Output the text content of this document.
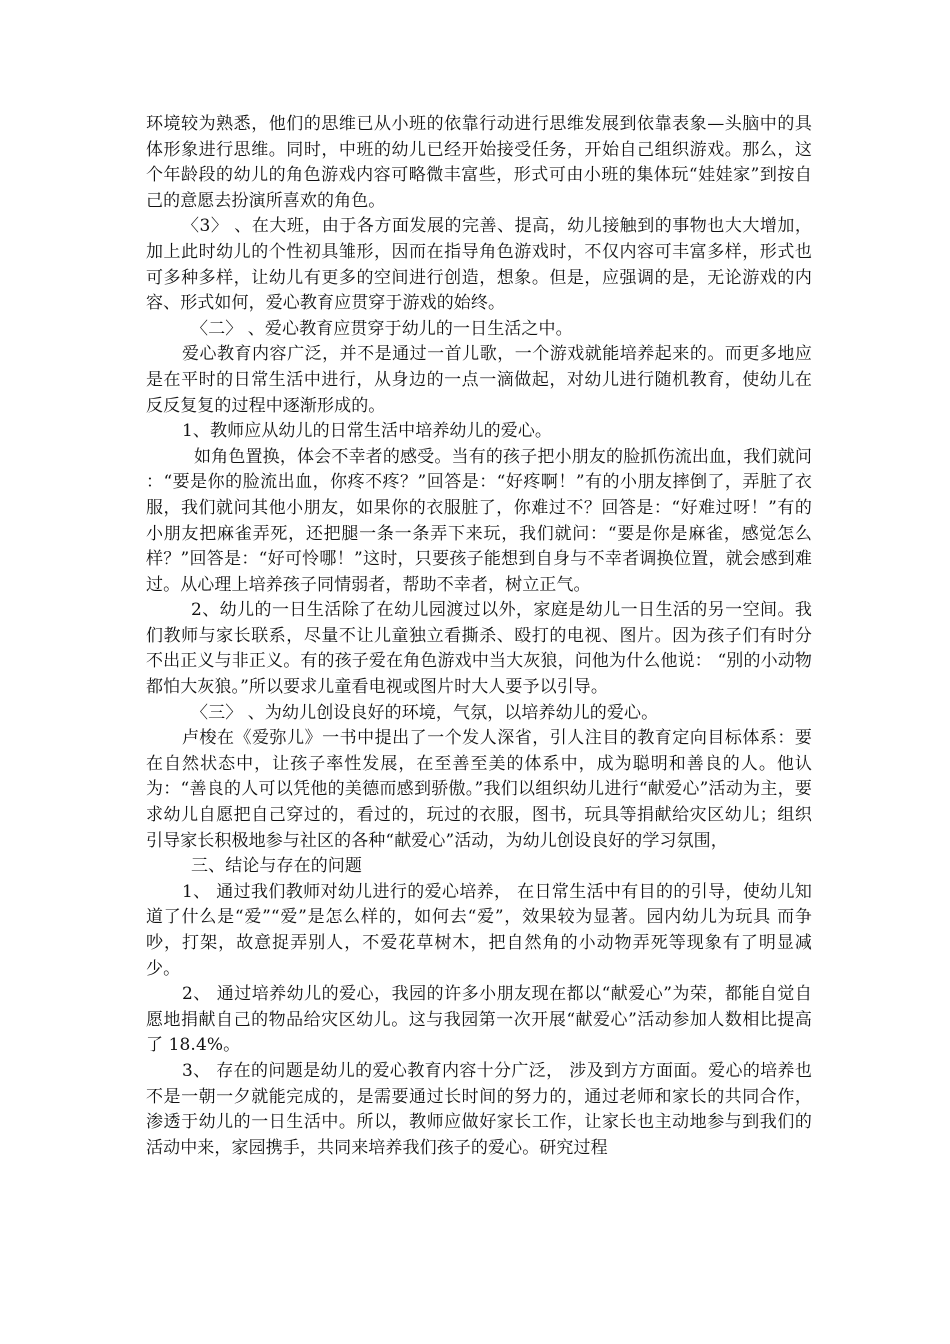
环境较为熟悉，他们的思维已从小班的依靠行动进行思维发展到依靠表象—头脑中的具体形象进行思维。同时，中班的幼儿已经开始接受任务，开始自己组织游戏。那么，这个年龄段的幼儿的角色游戏内容可略微丰富些，形式可由小班的集体玩“娃娃家”到按自己的意愿去扮演所喜欢的角色。

〈3〉 、在大班，由于各方面发展的完善、提高，幼儿接触到的事物也大大增加，加上此时幼儿的个性初具雏形，因而在指导角色游戏时，不仅内容可丰富多样，形式也可多种多样，让幼儿有更多的空间进行创造，想象。但是，应强调的是，无论游戏的内容、形式如何，爱心教育应贯穿于游戏的始终。

〈二〉 、爱心教育应贯穿于幼儿的一日生活之中。

爱心教育内容广泛，并不是通过一首儿歌，一个游戏就能培养起来的。而更多地应是在平时的日常生活中进行，从身边的一点一滴做起，对幼儿进行随机教育，使幼儿在反反复复的过程中逐渐形成的。

1、教师应从幼儿的日常生活中培养幼儿的爱心。

如角色置换，体会不幸者的感受。当有的孩子把小朋友的脸抓伤流出血，我们就问 ：“要是你的脸流出血，你疼不疼？”回答是：“好疼啊！”有的小朋友摔倒了，弄脏了衣服，我们就问其他小朋友，如果你的衣服脏了，你难过不？回答是：“好难过呀！”有的小朋友把麻雀弄死，还把腿一条一条弄下来玩，我们就问：“要是你是麻雀，感觉怎么样？”回答是：“好可怜哪！”这时，只要孩子能想到自身与不幸者调换位置，就会感到难过。从心理上培养孩子同情弱者，帮助不幸者，树立正气。

2、幼儿的一日生活除了在幼儿园渡过以外，家庭是幼儿一日生活的另一空间。我们教师与家长联系，尽量不让儿童独立看撕杀、殴打的电视、图片。因为孩子们有时分不出正义与非正义。有的孩子爱在角色游戏中当大灰狼，问他为什么他说： “别的小动物都怕大灰狼。”所以要求儿童看电视或图片时大人要予以引导。

〈三〉 、为幼儿创设良好的环境，气氛，以培养幼儿的爱心。

卢梭在《爱弥儿》一书中提出了一个发人深省，引人注目的教育定向目标体系：要在自然状态中，让孩子率性发展，在至善至美的体系中，成为聪明和善良的人。他认为：“善良的人可以凭他的美德而感到骄傲。”我们以组织幼儿进行“献爱心”活动为主，要求幼儿自愿把自己穿过的，看过的，玩过的衣服，图书，玩具等捐献给灾区幼儿；组织引导家长积极地参与社区的各种“献爱心”活动，为幼儿创设良好的学习氛围，

三、结论与存在的问题

1、 通过我们教师对幼儿进行的爱心培养， 在日常生活中有目的的引导，使幼儿知道了什么是“爱”“爱”是怎么样的，如何去“爱”，效果较为显著。园内幼儿为玩具 而争吵，打架，故意捉弄别人，不爱花草树木，把自然角的小动物弄死等现象有了明显减少。

2、 通过培养幼儿的爱心，我园的许多小朋友现在都以“献爱心”为荣，都能自觉自愿地捐献自己的物品给灾区幼儿。这与我园第一次开展“献爱心”活动参加人数相比提高了 18.4%。

3、 存在的问题是幼儿的爱心教育内容十分广泛， 涉及到方方面面。爱心的培养也不是一朝一夕就能完成的，是需要通过长时间的努力的，通过老师和家长的共同合作，渗透于幼儿的一日生活中。所以，教师应做好家长工作，让家长也主动地参与到我们的活动中来，家园携手，共同来培养我们孩子的爱心。研究过程
